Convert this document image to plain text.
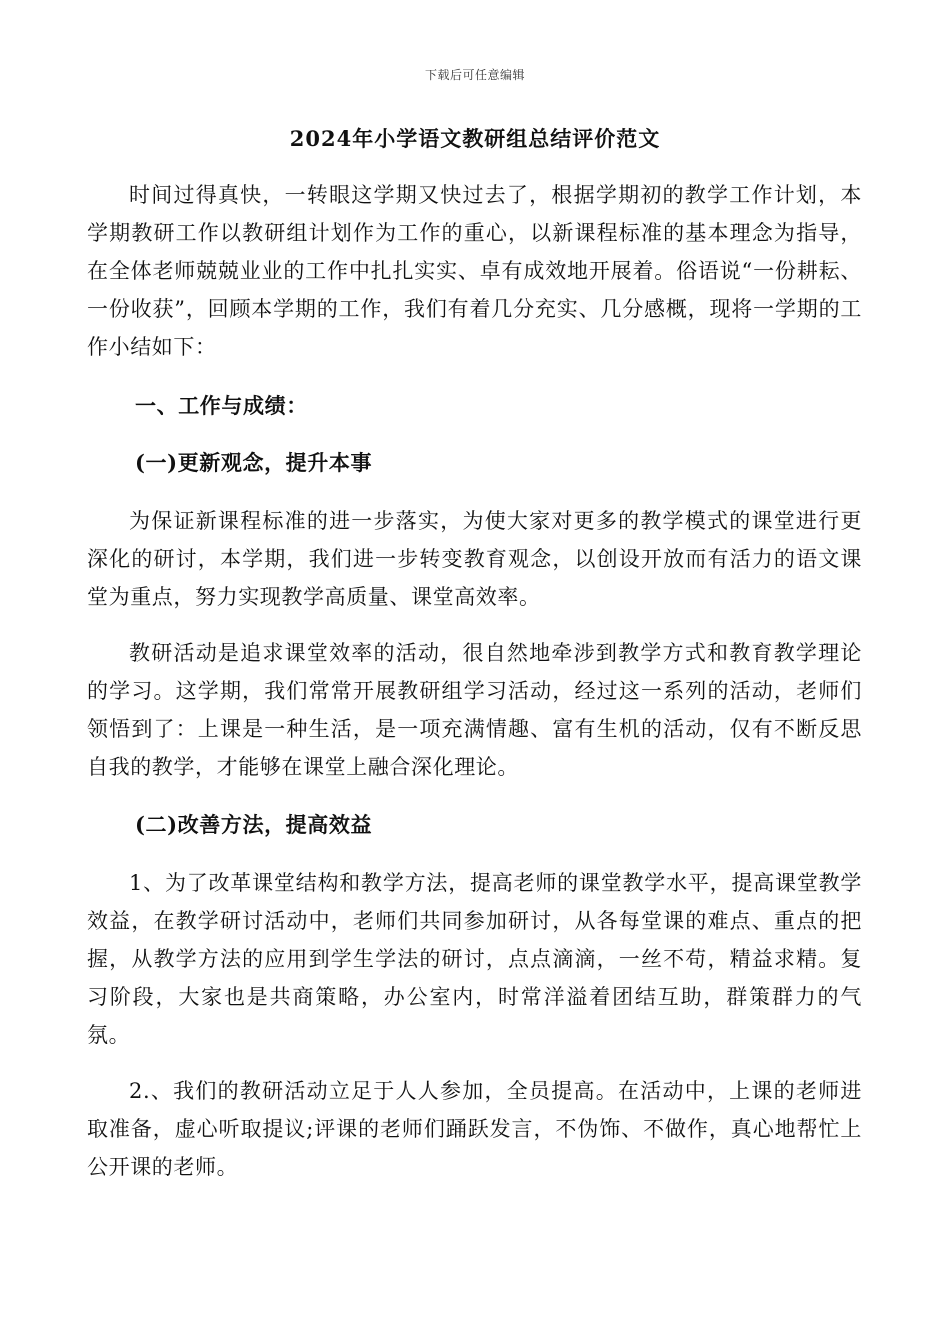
下载后可任意编辑
2024年小学语文教研组总结评价范文

时间过得真快，一转眼这学期又快过去了，根据学期初的教学工作计划，本学期教研工作以教研组计划作为工作的重心，以新课程标准的基本理念为指导，在全体老师兢兢业业的工作中扎扎实实、卓有成效地开展着。俗语说“一份耕耘、一份收获”，回顾本学期的工作，我们有着几分充实、几分感概，现将一学期的工作小结如下：

一、工作与成绩：

(一)更新观念，提升本事

为保证新课程标准的进一步落实，为使大家对更多的教学模式的课堂进行更深化的研讨，本学期，我们进一步转变教育观念，以创设开放而有活力的语文课堂为重点，努力实现教学高质量、课堂高效率。

教研活动是追求课堂效率的活动，很自然地牵涉到教学方式和教育教学理论的学习。这学期，我们常常开展教研组学习活动，经过这一系列的活动，老师们领悟到了：上课是一种生活，是一项充满情趣、富有生机的活动，仅有不断反思自我的教学，才能够在课堂上融合深化理论。

(二)改善方法，提高效益

1、为了改革课堂结构和教学方法，提高老师的课堂教学水平，提高课堂教学效益，在教学研讨活动中，老师们共同参加研讨，从各每堂课的难点、重点的把握，从教学方法的应用到学生学法的研讨，点点滴滴，一丝不苟，精益求精。复习阶段，大家也是共商策略，办公室内，时常洋溢着团结互助，群策群力的气氛。

2.、我们的教研活动立足于人人参加，全员提高。在活动中，上课的老师进取准备，虚心听取提议;评课的老师们踊跃发言，不伪饰、不做作，真心地帮忙上公开课的老师。
